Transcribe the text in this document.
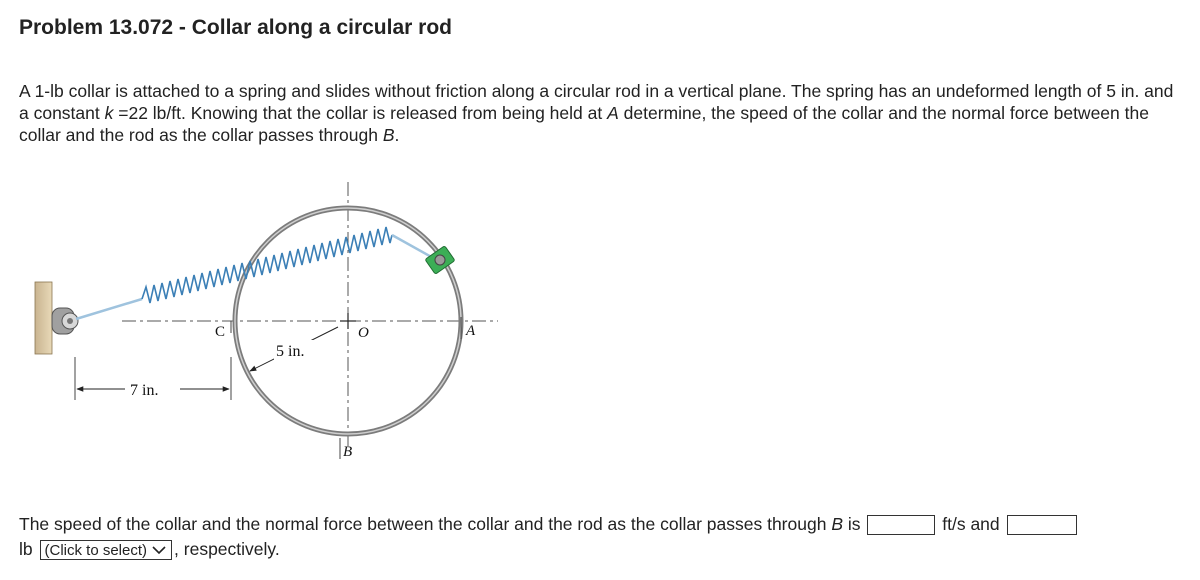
Problem 13.072 - Collar along a circular rod

A 1-lb collar is attached to a spring and slides without friction along a circular rod in a vertical plane. The spring has an undeformed length of 5 in. and a constant k =22 lb/ft. Knowing that the collar is released from being held at A determine, the speed of the collar and the normal force between the collar and the rod as the collar passes through B.

C	O	A
B
5 in.
7 in.
The speed of the collar and the normal force between the collar and the rod as the collar passes through B is	ft/s and
lb (Click to select) , respectively.
